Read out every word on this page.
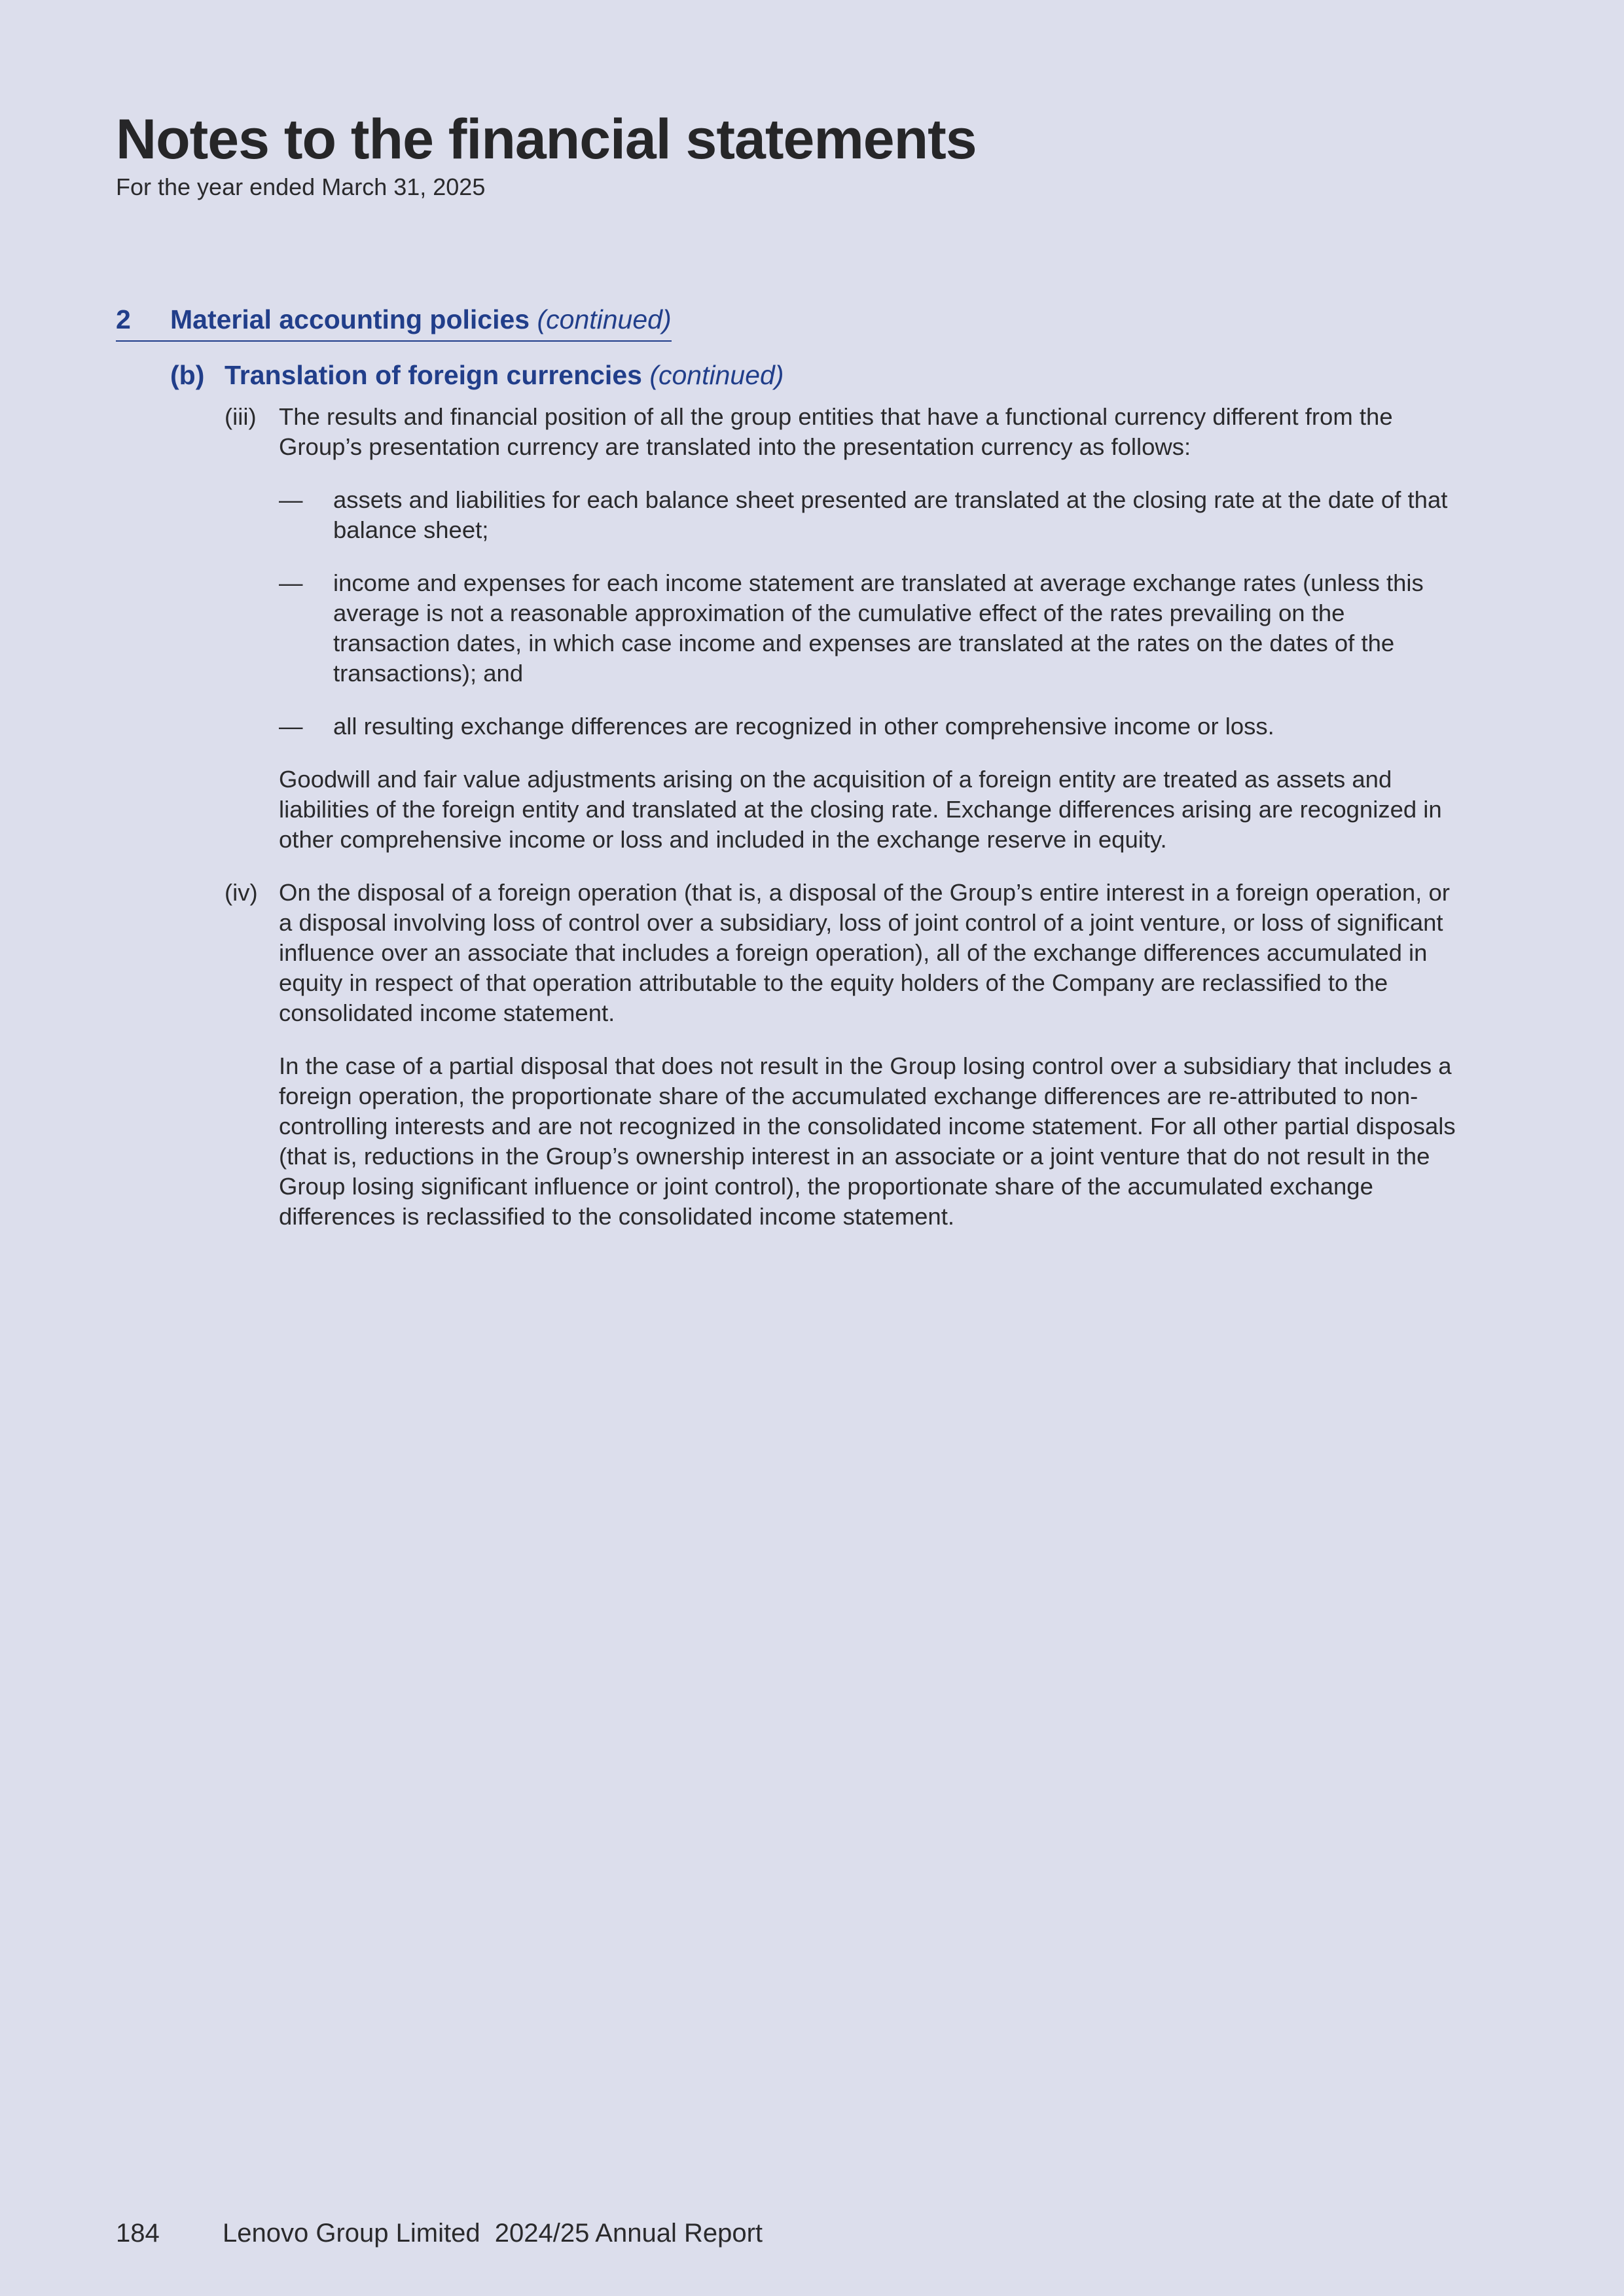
Notes to the financial statements
For the year ended March 31, 2025
2 Material accounting policies (continued)
(b) Translation of foreign currencies (continued)
(iii) The results and financial position of all the group entities that have a functional currency different from the Group’s presentation currency are translated into the presentation currency as follows:

— assets and liabilities for each balance sheet presented are translated at the closing rate at the date of that balance sheet;
— income and expenses for each income statement are translated at average exchange rates (unless this average is not a reasonable approximation of the cumulative effect of the rates prevailing on the transaction dates, in which case income and expenses are translated at the rates on the dates of the transactions); and
— all resulting exchange differences are recognized in other comprehensive income or loss.

Goodwill and fair value adjustments arising on the acquisition of a foreign entity are treated as assets and liabilities of the foreign entity and translated at the closing rate. Exchange differences arising are recognized in other comprehensive income or loss and included in the exchange reserve in equity.

(iv) On the disposal of a foreign operation (that is, a disposal of the Group’s entire interest in a foreign operation, or a disposal involving loss of control over a subsidiary, loss of joint control of a joint venture, or loss of significant influence over an associate that includes a foreign operation), all of the exchange differences accumulated in equity in respect of that operation attributable to the equity holders of the Company are reclassified to the consolidated income statement.

In the case of a partial disposal that does not result in the Group losing control over a subsidiary that includes a foreign operation, the proportionate share of the accumulated exchange differences are re-attributed to non-controlling interests and are not recognized in the consolidated income statement. For all other partial disposals (that is, reductions in the Group’s ownership interest in an associate or a joint venture that do not result in the Group losing significant influence or joint control), the proportionate share of the accumulated exchange differences is reclassified to the consolidated income statement.

184 Lenovo Group Limited  2024/25 Annual Report
